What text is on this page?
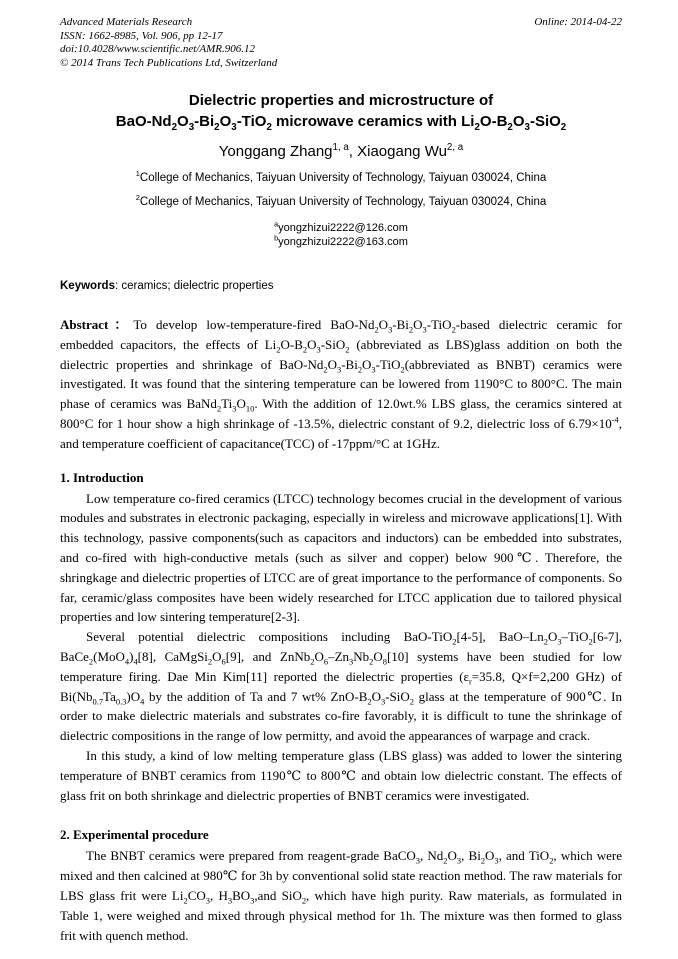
Advanced Materials Research
ISSN: 1662-8985, Vol. 906, pp 12-17
doi:10.4028/www.scientific.net/AMR.906.12
© 2014 Trans Tech Publications Ltd, Switzerland
Online: 2014-04-22
Dielectric properties and microstructure of
BaO-$Nd_2O_3-Bi_2O_3-TiO_2$ microwave ceramics with $Li_2O-B_2O_3-SiO_2$
Yonggang Zhang$^{1, a}$, Xiaogang Wu$^{2, a}$
$^1$College of Mechanics, Taiyuan University of Technology, Taiyuan 030024, China
$^2$College of Mechanics, Taiyuan University of Technology, Taiyuan 030024, China
$^a$yongzhizui2222@126.com
$^b$yongzhizui2222@163.com
Keywords: ceramics; dielectric properties

Abstract：To develop low-temperature-fired BaO-$Nd_2O_3-Bi_2O_3-TiO_2$-based dielectric ceramic for embedded capacitors, the effects of $Li_2O-B_2O_3-SiO_2$ (abbreviated as LBS)glass addition on both the dielectric properties and shrinkage of BaO-$Nd_2O_3-Bi_2O_3-TiO_2(abbreviated$ as BNBT) ceramics were investigated. It was found that the sintering temperature can be lowered from 1190°C to 800°C. The main phase of ceramics was $BaNd_2Ti_3O_{10}$. With the addition of 12.0wt.% LBS glass, the ceramics sintered at 800°C for 1 hour show a high shrinkage of -13.5%, dielectric constant of 9.2, dielectric loss of $6.79\times 10^{-4}$, and temperature coefficient of capacitance(TCC) of -17ppm/°C at 1GHz.

1. Introduction

Low temperature co-fired ceramics (LTCC) technology becomes crucial in the development of various modules and substrates in electronic packaging, especially in wireless and microwave applications[1]. With this technology, passive components(such as capacitors and inductors) can be embedded into substrates, and co-fired with high-conductive metals (such as silver and copper) below 900℃. Therefore, the shringkage and dielectric properties of LTCC are of great importance to the performance of components. So far, ceramic/glass composites have been widely researched for LTCC application due to tailored physical properties and low sintering temperature[2-3].

Several potential dielectric compositions including BaO-TiO$_2$[4-5], BaO–$Ln_2O_3-TiO_2[6-7]$, $BaCe_2(MoO_4)_4[8]$, $CaMgSi_2O_6[9]$, and $ZnNb_2O_6-Zn_3Nb_2O_8[10]$ systems have been studied for low temperature firing. Dae Min Kim[11] reported the dielectric properties ($\varepsilon_r=35.8$, Q×f=2,200 GHz) of $Bi(Nb_{0.7}Ta_{0.3})O_4$ by the addition of Ta and 7 wt% ZnO-$B_2O_3-SiO_2$ glass at the temperature of 900℃. In order to make dielectric materials and substrates co-fire favorably, it is difficult to tune the shrinkage of dielectric compositions in the range of low permitty, and avoid the appearances of warpage and crack.

In this study, a kind of low melting temperature glass (LBS glass) was added to lower the sintering temperature of BNBT ceramics from 1190℃ to 800℃ and obtain low dielectric constant. The effects of glass frit on both shrinkage and dielectric properties of BNBT ceramics were investigated.

2. Experimental procedure

The BNBT ceramics were prepared from reagent-grade BaCO$_3$, $Nd_2O_3$, $Bi_2O_3$, and TiO$_2$, which were mixed and then calcined at 980℃ for 3h by conventional solid state reaction method. The raw materials for LBS glass frit were $Li_2CO_3$, $H_3BO_3,and$ SiO$_2$, which have high purity. Raw materials, as formulated in Table 1, were weighed and mixed through physical method for 1h. The mixture was then formed to glass frit with quench method.
